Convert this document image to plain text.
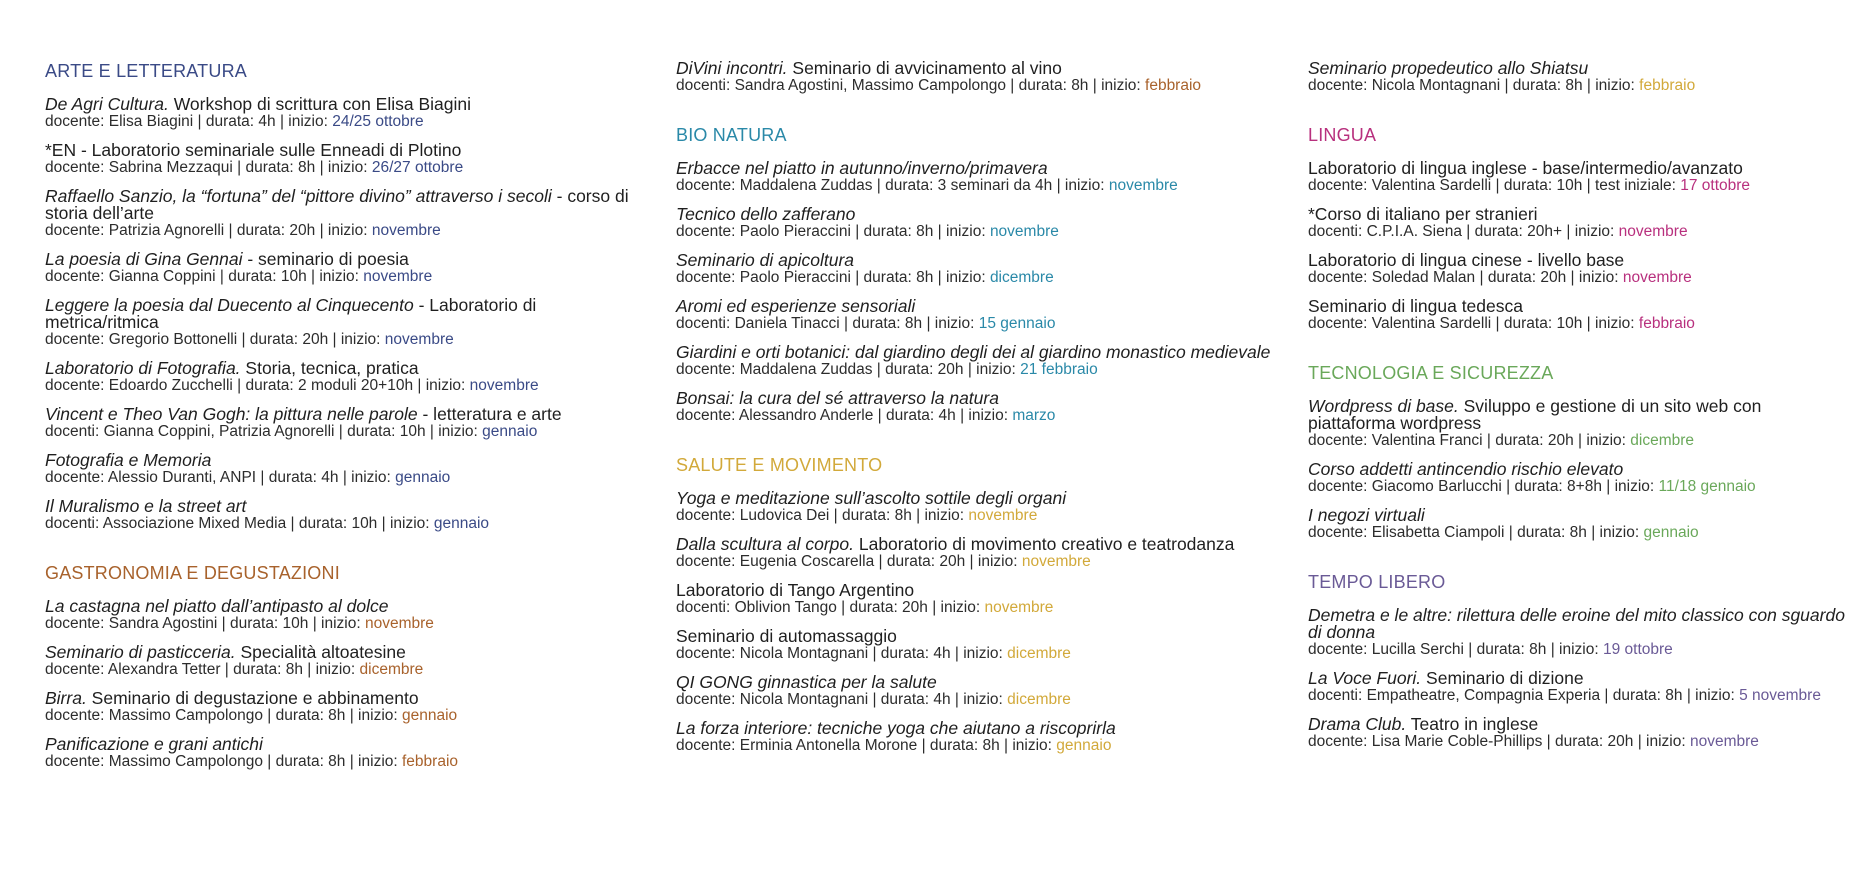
ARTE E LETTERATURA
De Agri Cultura. Workshop di scrittura con Elisa Biagini
docente: Elisa Biagini | durata: 4h | inizio: 24/25 ottobre
*EN - Laboratorio seminariale sulle Enneadi di Plotino
docente: Sabrina Mezzaqui | durata: 8h | inizio: 26/27 ottobre
Raffaello Sanzio, la “fortuna” del “pittore divino” attraverso i secoli - corso di storia dell’arte
docente: Patrizia Agnorelli | durata: 20h | inizio: novembre
La poesia di Gina Gennai - seminario di poesia
docente: Gianna Coppini | durata: 10h | inizio: novembre
Leggere la poesia dal Duecento al Cinquecento - Laboratorio di metrica/ritmica
docente: Gregorio Bottonelli | durata: 20h | inizio: novembre
Laboratorio di Fotografia. Storia, tecnica, pratica
docente: Edoardo Zucchelli | durata: 2 moduli 20+10h | inizio: novembre
Vincent e Theo Van Gogh: la pittura nelle parole - letteratura e arte
docenti: Gianna Coppini, Patrizia Agnorelli | durata: 10h | inizio: gennaio
Fotografia e Memoria
docente: Alessio Duranti, ANPI | durata: 4h | inizio: gennaio
Il Muralismo e la street art
docenti: Associazione Mixed Media | durata: 10h | inizio: gennaio
GASTRONOMIA E DEGUSTAZIONI
La castagna nel piatto dall’antipasto al dolce
docente: Sandra Agostini | durata: 10h | inizio: novembre
Seminario di pasticceria. Specialità altoatesine
docente: Alexandra Tetter | durata: 8h | inizio: dicembre
Birra. Seminario di degustazione e abbinamento
docente: Massimo Campolongo | durata: 8h | inizio: gennaio
Panificazione e grani antichi
docente: Massimo Campolongo | durata: 8h | inizio: febbraio
DiVini incontri. Seminario di avvicinamento al vino
docenti: Sandra Agostini, Massimo Campolongo | durata: 8h | inizio: febbraio
BIO NATURA
Erbacce nel piatto in autunno/inverno/primavera
docente: Maddalena Zuddas | durata: 3 seminari da 4h | inizio: novembre
Tecnico dello zafferano
docente: Paolo Pieraccini | durata: 8h | inizio: novembre
Seminario di apicoltura
docente: Paolo Pieraccini | durata: 8h | inizio: dicembre
Aromi ed esperienze sensoriali
docenti: Daniela Tinacci | durata: 8h | inizio: 15 gennaio
Giardini e orti botanici: dal giardino degli dei al giardino monastico medievale
docente: Maddalena Zuddas | durata: 20h | inizio: 21 febbraio
Bonsai: la cura del sé attraverso la natura
docente: Alessandro Anderle | durata: 4h | inizio: marzo
SALUTE E MOVIMENTO
Yoga e meditazione sull’ascolto sottile degli organi
docente: Ludovica Dei | durata: 8h | inizio: novembre
Dalla scultura al corpo. Laboratorio di movimento creativo e teatrodanza
docente: Eugenia Coscarella | durata: 20h | inizio: novembre
Laboratorio di Tango Argentino
docenti: Oblivion Tango | durata: 20h | inizio: novembre
Seminario di automassaggio
docente: Nicola Montagnani | durata: 4h | inizio: dicembre
QI GONG ginnastica per la salute
docente: Nicola Montagnani | durata: 4h | inizio: dicembre
La forza interiore: tecniche yoga che aiutano a riscoprirla
docente: Erminia Antonella Morone | durata: 8h | inizio: gennaio
Seminario propedeutico allo Shiatsu
docente: Nicola Montagnani | durata: 8h | inizio: febbraio
LINGUA
Laboratorio di lingua inglese - base/intermedio/avanzato
docente: Valentina Sardelli | durata: 10h | test iniziale: 17 ottobre
*Corso di italiano per stranieri
docenti: C.P.I.A. Siena | durata: 20h+ | inizio: novembre
Laboratorio di lingua cinese - livello base
docente: Soledad Malan | durata: 20h | inizio: novembre
Seminario di lingua tedesca
docente: Valentina Sardelli | durata: 10h | inizio: febbraio
TECNOLOGIA E SICUREZZA
Wordpress di base. Sviluppo e gestione di un sito web con piattaforma wordpress
docente: Valentina Franci | durata: 20h | inizio: dicembre
Corso addetti antincendio rischio elevato
docente: Giacomo Barlucchi | durata: 8+8h | inizio: 11/18 gennaio
I negozi virtuali
docente: Elisabetta Ciampoli | durata: 8h | inizio: gennaio
TEMPO LIBERO
Demetra e le altre: rilettura delle eroine del mito classico con sguardo di donna
docente: Lucilla Serchi | durata: 8h | inizio: 19 ottobre
La Voce Fuori. Seminario di dizione
docenti: Empatheatre, Compagnia Experia | durata: 8h | inizio: 5 novembre
Drama Club. Teatro in inglese
docente: Lisa Marie Coble-Phillips | durata: 20h | inizio: novembre
